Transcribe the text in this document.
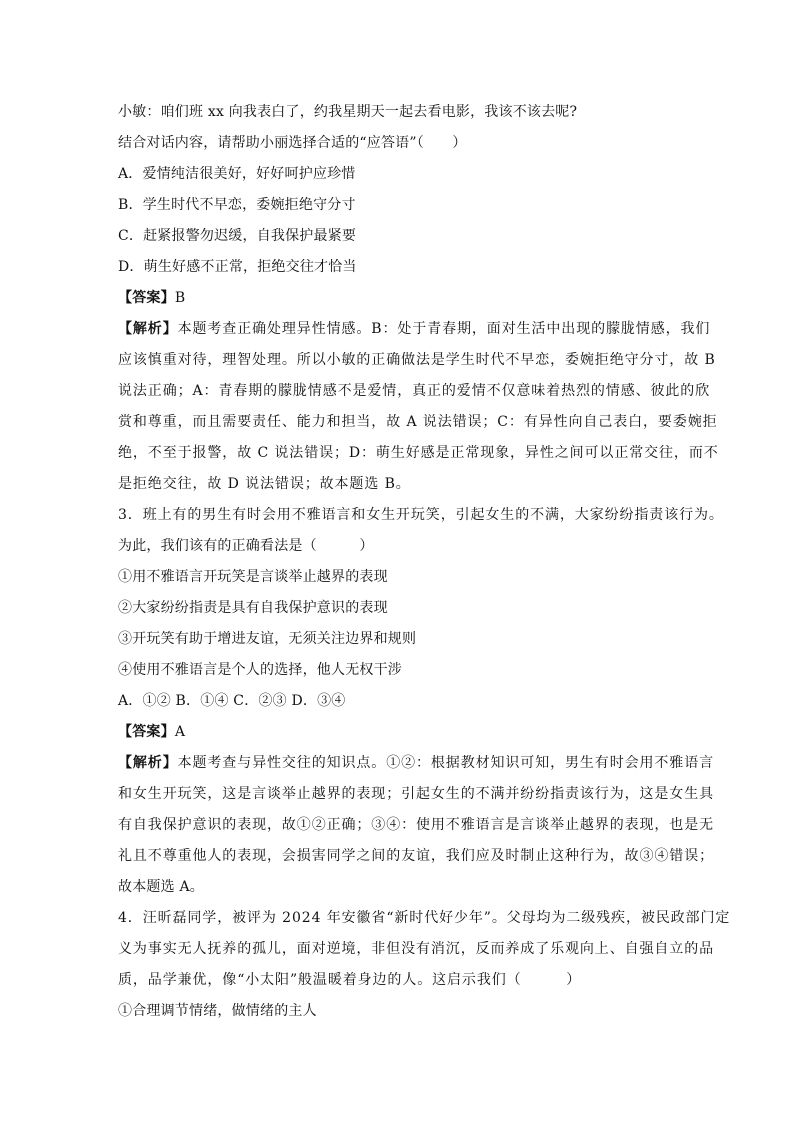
小敏：咱们班 xx 向我表白了，约我星期天一起去看电影，我该不该去呢?
结合对话内容，请帮助小丽选择合适的“应答语”（　　）
A．爱情纯洁很美好，好好呵护应珍惜
B．学生时代不早恋，委婉拒绝守分寸
C．赶紧报警勿迟缓，自我保护最紧要
D．萌生好感不正常，拒绝交往才恰当
【答案】B
【解析】本题考查正确处理异性情感。B：处于青春期，面对生活中出现的朦胧情感，我们
应该慎重对待，理智处理。所以小敏的正确做法是学生时代不早恋，委婉拒绝守分寸，故 B
说法正确；A：青春期的朦胧情感不是爱情，真正的爱情不仅意味着热烈的情感、彼此的欣
赏和尊重，而且需要责任、能力和担当，故 A 说法错误；C：有异性向自己表白，要委婉拒
绝，不至于报警，故 C 说法错误；D：萌生好感是正常现象，异性之间可以正常交往，而不
是拒绝交往，故 D 说法错误；故本题选 B。
3．班上有的男生有时会用不雅语言和女生开玩笑，引起女生的不满，大家纷纷指责该行为。
为此，我们该有的正确看法是（　　　）
①用不雅语言开玩笑是言谈举止越界的表现
②大家纷纷指责是具有自我保护意识的表现
③开玩笑有助于增进友谊，无须关注边界和规则
④使用不雅语言是个人的选择，他人无权干涉
A．①② B．①④ C．②③ D．③④
【答案】A
【解析】本题考查与异性交往的知识点。①②：根据教材知识可知，男生有时会用不雅语言
和女生开玩笑，这是言谈举止越界的表现；引起女生的不满并纷纷指责该行为，这是女生具
有自我保护意识的表现，故①②正确；③④：使用不雅语言是言谈举止越界的表现，也是无
礼且不尊重他人的表现，会损害同学之间的友谊，我们应及时制止这种行为，故③④错误；
故本题选 A。
4．汪昕磊同学，被评为 2024 年安徽省“新时代好少年”。父母均为二级残疾，被民政部门定
义为事实无人抚养的孤儿，面对逆境，非但没有消沉，反而养成了乐观向上、自强自立的品
质，品学兼优，像“小太阳”般温暖着身边的人。这启示我们（　　　）
①合理调节情绪，做情绪的主人
